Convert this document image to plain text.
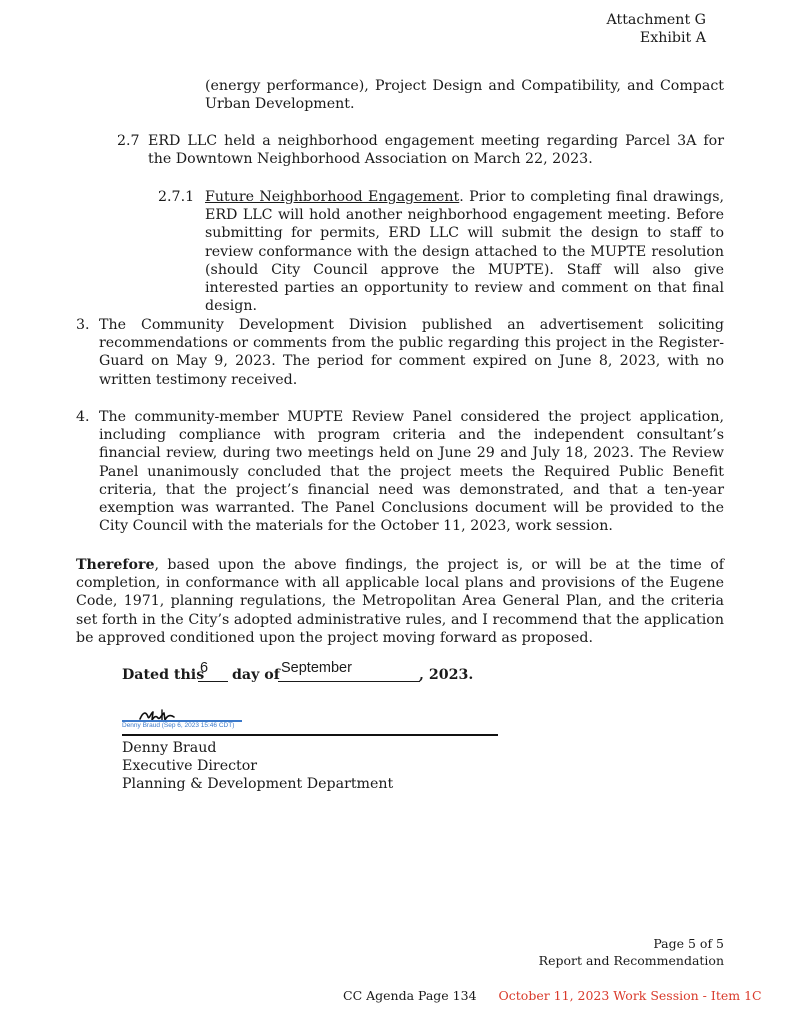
Attachment G
Exhibit A
(energy performance), Project Design and Compatibility, and Compact Urban Development.
2.7 ERD LLC held a neighborhood engagement meeting regarding Parcel 3A for the Downtown Neighborhood Association on March 22, 2023.
2.7.1 Future Neighborhood Engagement. Prior to completing final drawings, ERD LLC will hold another neighborhood engagement meeting. Before submitting for permits, ERD LLC will submit the design to staff to review conformance with the design attached to the MUPTE resolution (should City Council approve the MUPTE). Staff will also give interested parties an opportunity to review and comment on that final design.
3. The Community Development Division published an advertisement soliciting recommendations or comments from the public regarding this project in the Register-Guard on May 9, 2023. The period for comment expired on June 8, 2023, with no written testimony received.
4. The community-member MUPTE Review Panel considered the project application, including compliance with program criteria and the independent consultant’s financial review, during two meetings held on June 29 and July 18, 2023. The Review Panel unanimously concluded that the project meets the Required Public Benefit criteria, that the project’s financial need was demonstrated, and that a ten-year exemption was warranted. The Panel Conclusions document will be provided to the City Council with the materials for the October 11, 2023, work session.
Therefore, based upon the above findings, the project is, or will be at the time of completion, in conformance with all applicable local plans and provisions of the Eugene Code, 1971, planning regulations, the Metropolitan Area General Plan, and the criteria set forth in the City’s adopted administrative rules, and I recommend that the application be approved conditioned upon the project moving forward as proposed.
Dated this
6 day of September	, 2023.
Denny Braud (Sep 6, 2023 15:46 CDT)
Denny Braud
Executive Director
Planning & Development Department
Page 5 of 5
Report and Recommendation
CC Agenda Page 134 October 11, 2023 Work Session - Item 1C
